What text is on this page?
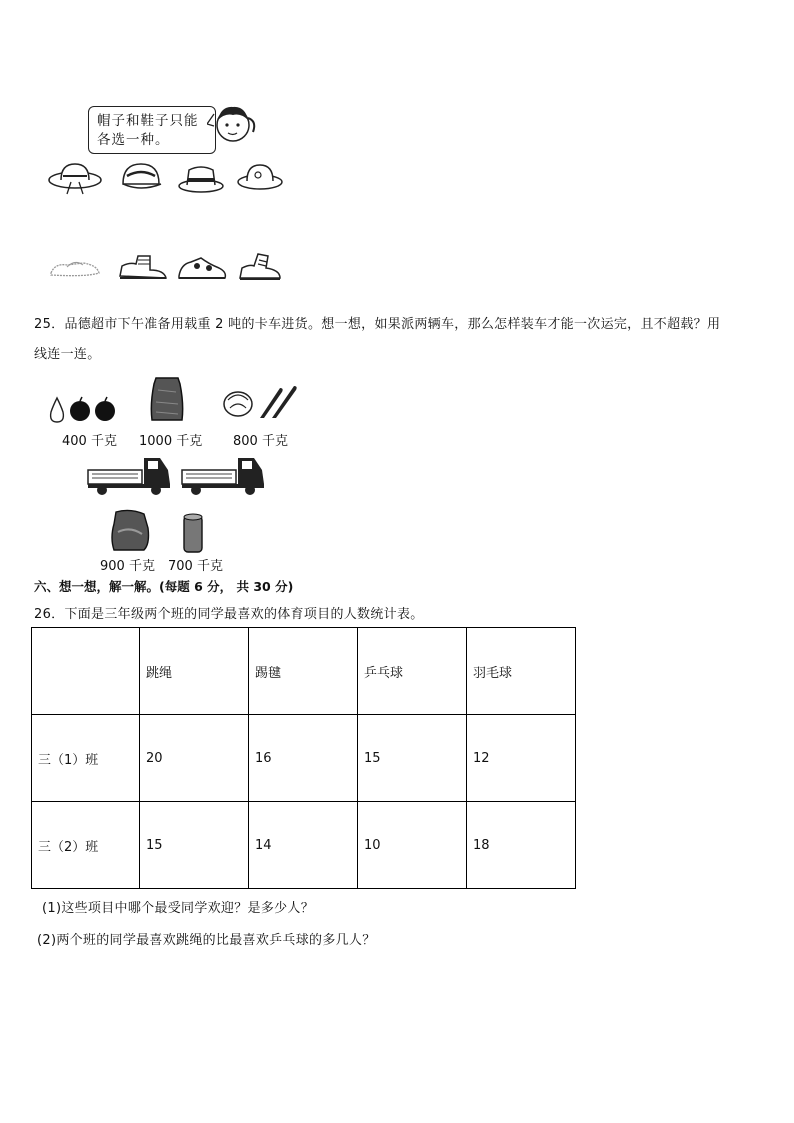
帽子和鞋子只能各选一种。
25．品德超市下午准备用载重 2 吨的卡车进货。想一想，如果派两辆车，那么怎样装车才能一次运完，且不超载？用
线连一连。
400 千克 1000 千克 800 千克
900 千克 700 千克
六、想一想，解一解。(每题 6 分， 共 30 分)
26．下面是三年级两个班的同学最喜欢的体育项目的人数统计表。
	跳绳	踢毽	乒乓球	羽毛球
三（1）班	20	16	15	12
三（2）班	15	14	10	18
(1)这些项目中哪个最受同学欢迎？是多少人？
(2)两个班的同学最喜欢跳绳的比最喜欢乒乓球的多几人？
